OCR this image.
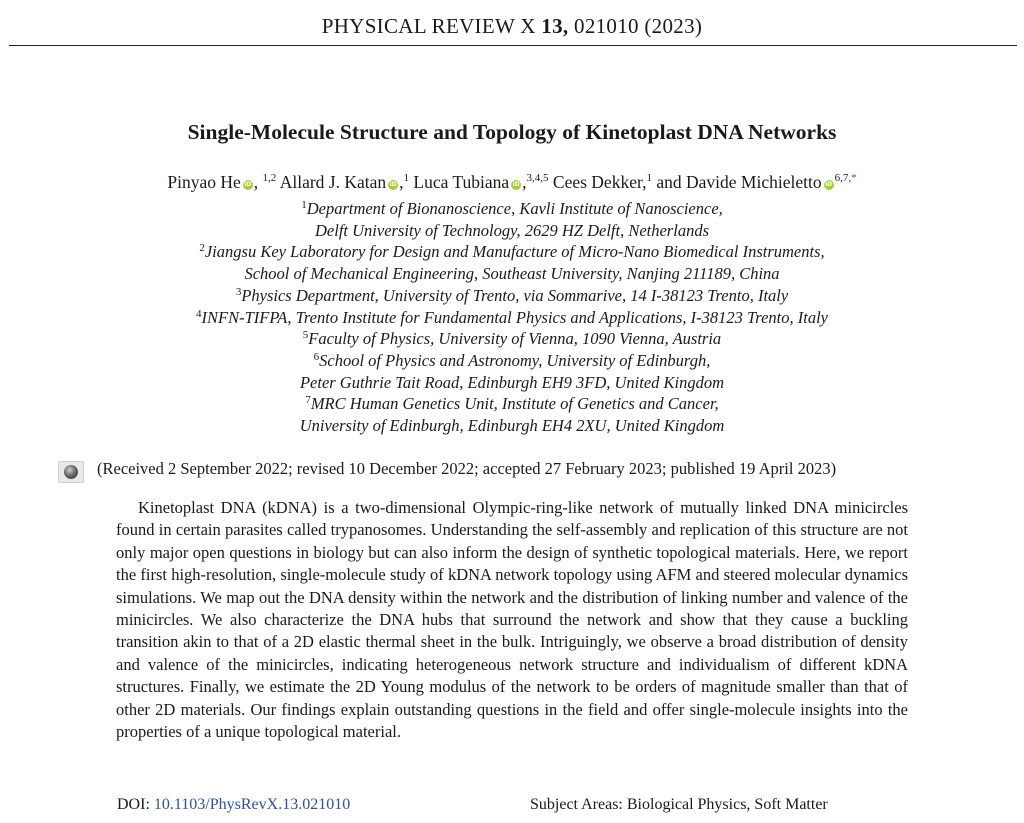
PHYSICAL REVIEW X 13, 021010 (2023)
Single-Molecule Structure and Topology of Kinetoplast DNA Networks
Pinyao He iD , $^{1,2}$ Allard J. Katan iD ,$^1$ Luca Tubiana iD ,$^{3,4,5}$ Cees Dekker,$^1$ and Davide Michieletto $iD^{6,7,*}$
$^1$Department of Bionanoscience, Kavli Institute of Nanoscience,
Delft University of Technology, 2629 HZ Delft, Netherlands
$^2$Jiangsu Key Laboratory for Design and Manufacture of Micro-Nano Biomedical Instruments,
School of Mechanical Engineering, Southeast University, Nanjing 211189, China
$^3$Physics Department, University of Trento, via Sommarive, 14 I-38123 Trento, Italy
$^4$INFN-TIFPA, Trento Institute for Fundamental Physics and Applications, I-38123 Trento, Italy
$^5$Faculty of Physics, University of Vienna, 1090 Vienna, Austria
$^6$School of Physics and Astronomy, University of Edinburgh,
Peter Guthrie Tait Road, Edinburgh EH9 3FD, United Kingdom
$^7$MRC Human Genetics Unit, Institute of Genetics and Cancer,
University of Edinburgh, Edinburgh EH4 2XU, United Kingdom
(Received 2 September 2022; revised 10 December 2022; accepted 27 February 2023; published 19 April 2023)

Kinetoplast DNA (kDNA) is a two-dimensional Olympic-ring-like network of mutually linked DNA minicircles found in certain parasites called trypanosomes. Understanding the self-assembly and replication of this structure are not only major open questions in biology but can also inform the design of synthetic topological materials. Here, we report the first high-resolution, single-molecule study of kDNA network topology using AFM and steered molecular dynamics simulations. We map out the DNA density within the network and the distribution of linking number and valence of the minicircles. We also characterize the DNA hubs that surround the network and show that they cause a buckling transition akin to that of a 2D elastic thermal sheet in the bulk. Intriguingly, we observe a broad distribution of density and valence of the minicircles, indicating heterogeneous network structure and individualism of different kDNA structures. Finally, we estimate the 2D Young modulus of the network to be orders of magnitude smaller than that of other 2D materials. Our findings explain outstanding questions in the field and offer single-molecule insights into the properties of a unique topological material.

DOI: 10.1103/PhysRevX.13.021010	Subject Areas: Biological Physics, Soft Matter
